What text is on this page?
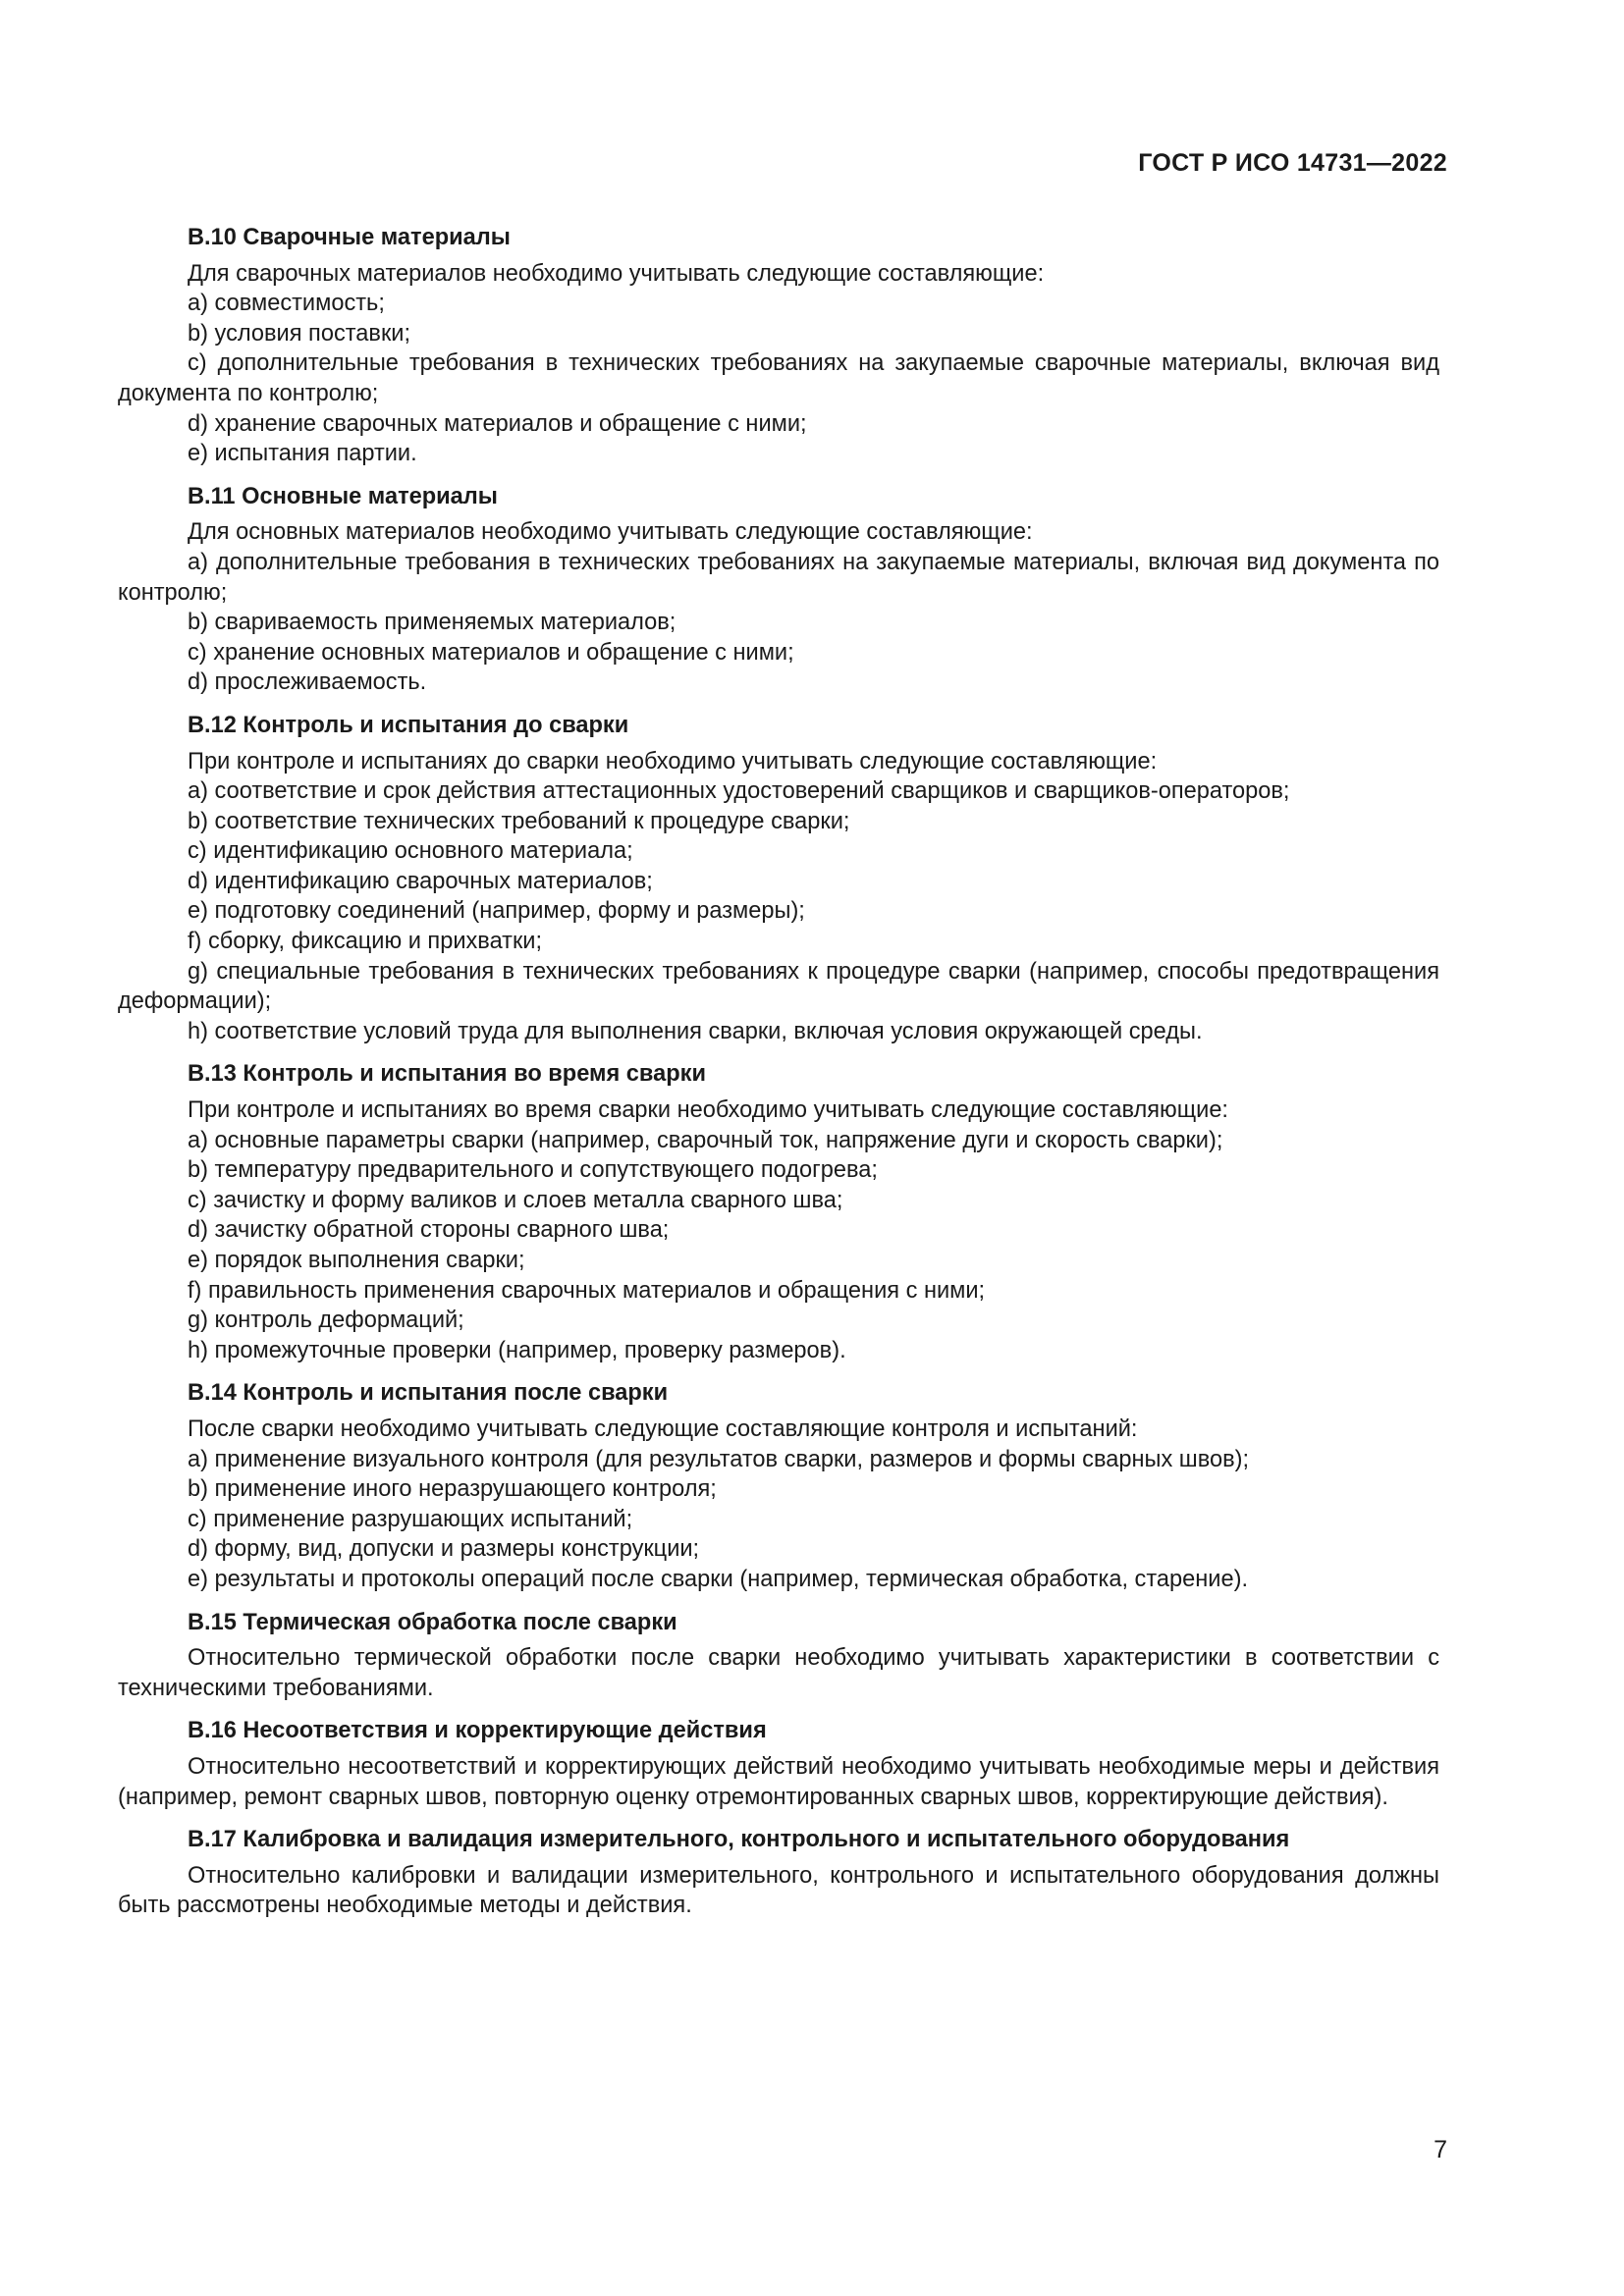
ГОСТ Р ИСО 14731—2022
B.10 Сварочные материалы

Для сварочных материалов необходимо учитывать следующие составляющие:

a) совместимость;

b) условия поставки;

c) дополнительные требования в технических требованиях на закупаемые сварочные материалы, включая вид документа по контролю;

d) хранение сварочных материалов и обращение с ними;

e) испытания партии.

B.11 Основные материалы

Для основных материалов необходимо учитывать следующие составляющие:

a) дополнительные требования в технических требованиях на закупаемые материалы, включая вид документа по контролю;

b) свариваемость применяемых материалов;

c) хранение основных материалов и обращение с ними;

d) прослеживаемость.

B.12 Контроль и испытания до сварки

При контроле и испытаниях до сварки необходимо учитывать следующие составляющие:

a) соответствие и срок действия аттестационных удостоверений сварщиков и сварщиков-операторов;

b) соответствие технических требований к процедуре сварки;

c) идентификацию основного материала;

d) идентификацию сварочных материалов;

e) подготовку соединений (например, форму и размеры);

f) сборку, фиксацию и прихватки;

g) специальные требования в технических требованиях к процедуре сварки (например, способы предотвращения деформации);

h) соответствие условий труда для выполнения сварки, включая условия окружающей среды.

B.13 Контроль и испытания во время сварки

При контроле и испытаниях во время сварки необходимо учитывать следующие составляющие:

a) основные параметры сварки (например, сварочный ток, напряжение дуги и скорость сварки);

b) температуру предварительного и сопутствующего подогрева;

c) зачистку и форму валиков и слоев металла сварного шва;

d) зачистку обратной стороны сварного шва;

e) порядок выполнения сварки;

f) правильность применения сварочных материалов и обращения с ними;

g) контроль деформаций;

h) промежуточные проверки (например, проверку размеров).

B.14 Контроль и испытания после сварки

После сварки необходимо учитывать следующие составляющие контроля и испытаний:

a) применение визуального контроля (для результатов сварки, размеров и формы сварных швов);

b) применение иного неразрушающего контроля;

c) применение разрушающих испытаний;

d) форму, вид, допуски и размеры конструкции;

e) результаты и протоколы операций после сварки (например, термическая обработка, старение).

B.15 Термическая обработка после сварки

Относительно термической обработки после сварки необходимо учитывать характеристики в соответствии с техническими требованиями.

B.16 Несоответствия и корректирующие действия

Относительно несоответствий и корректирующих действий необходимо учитывать необходимые меры и действия (например, ремонт сварных швов, повторную оценку отремонтированных сварных швов, корректирующие действия).

B.17 Калибровка и валидация измерительного, контрольного и испытательного оборудования

Относительно калибровки и валидации измерительного, контрольного и испытательного оборудования должны быть рассмотрены необходимые методы и действия.

7
